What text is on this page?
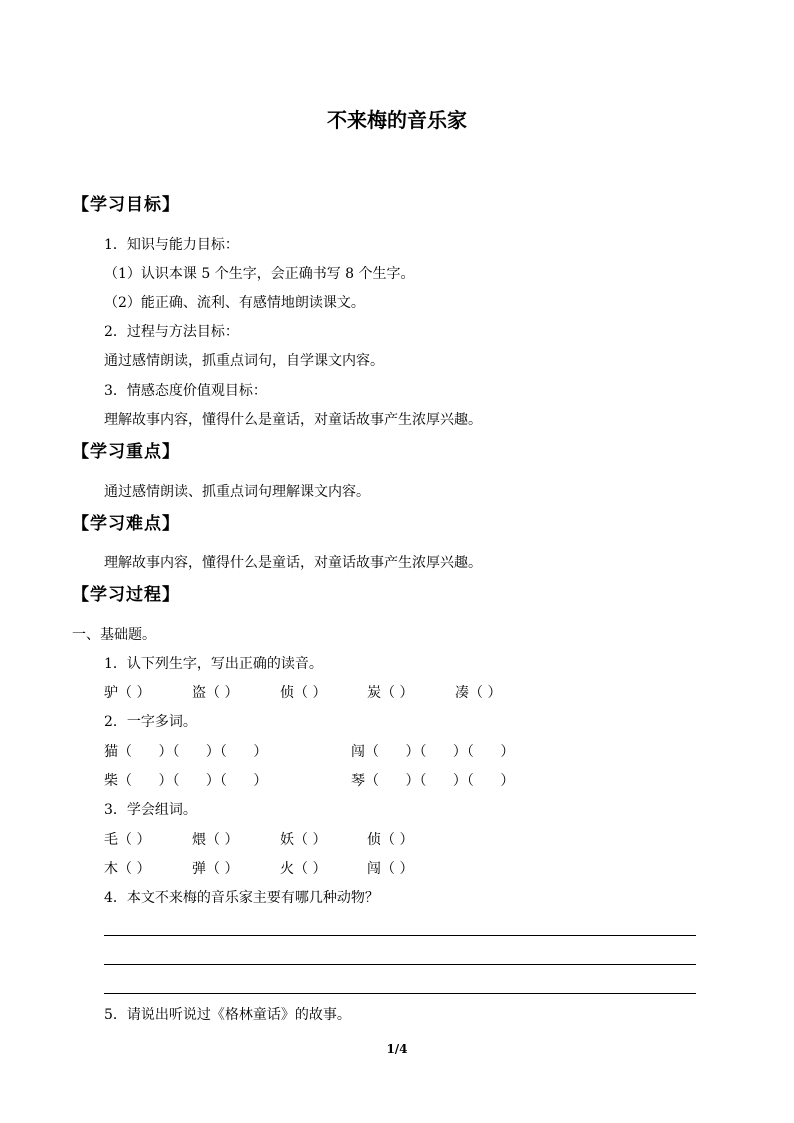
不来梅的音乐家
【学习目标】
1．知识与能力目标：
（1）认识本课 5 个生字，会正确书写 8 个生字。
（2）能正确、流利、有感情地朗读课文。
2．过程与方法目标：
通过感情朗读，抓重点词句，自学课文内容。
3．情感态度价值观目标：
理解故事内容，懂得什么是童话，对童话故事产生浓厚兴趣。
【学习重点】
通过感情朗读、抓重点词句理解课文内容。
【学习难点】
理解故事内容，懂得什么是童话，对童话故事产生浓厚兴趣。
【学习过程】
一、基础题。
1．认下列生字，写出正确的读音。
驴（ ）	盗（ ）	侦（ ）	炭（ ）	凑（ ）
2．一字多词。
猫（ ）（ ）（ ）	闯（ ）（ ）（ ）
柴（ ）（ ）（ ）	琴（ ）（ ）（ ）
3．学会组词。
毛（ ）	煨（ ）	妖（ ）	侦（ ）
木（ ）	弹（ ）	火（ ）	闯（ ）
4．本文不来梅的音乐家主要有哪几种动物？
5．请说出听说过《格林童话》的故事。
1/4
